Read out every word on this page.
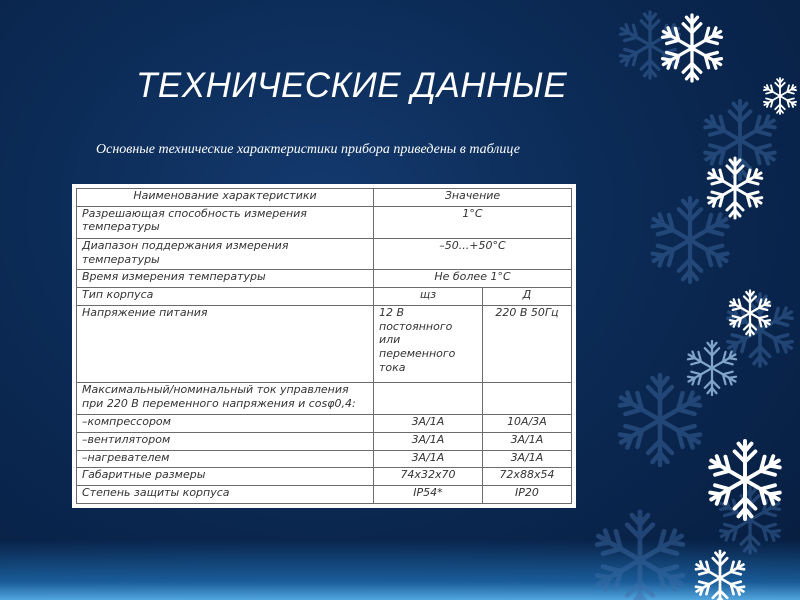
ТЕХНИЧЕСКИЕ ДАННЫЕ

Основные технические характеристики прибора приведены в таблице

Наименование характеристики	Значение	
Разрешающая способность измерения температуры	1°C	
Диапазон поддержания измерения температуры	–50...+50°C	
Время измерения температуры	Не более 1°C	
Тип корпуса	щз	Д
Напряжение питания	12 В постоянного или переменного тока	220 В 50Гц
Максимальный/номинальный ток управления при 220 В переменного напряжения и cosφ0,4:		
–компрессором	3А/1А	10А/3А
–вентилятором	3А/1А	3А/1А
–нагревателем	3А/1А	3А/1А
Габаритные размеры	74х32х70	72х88х54
Степень защиты корпуса	IP54*	IP20
